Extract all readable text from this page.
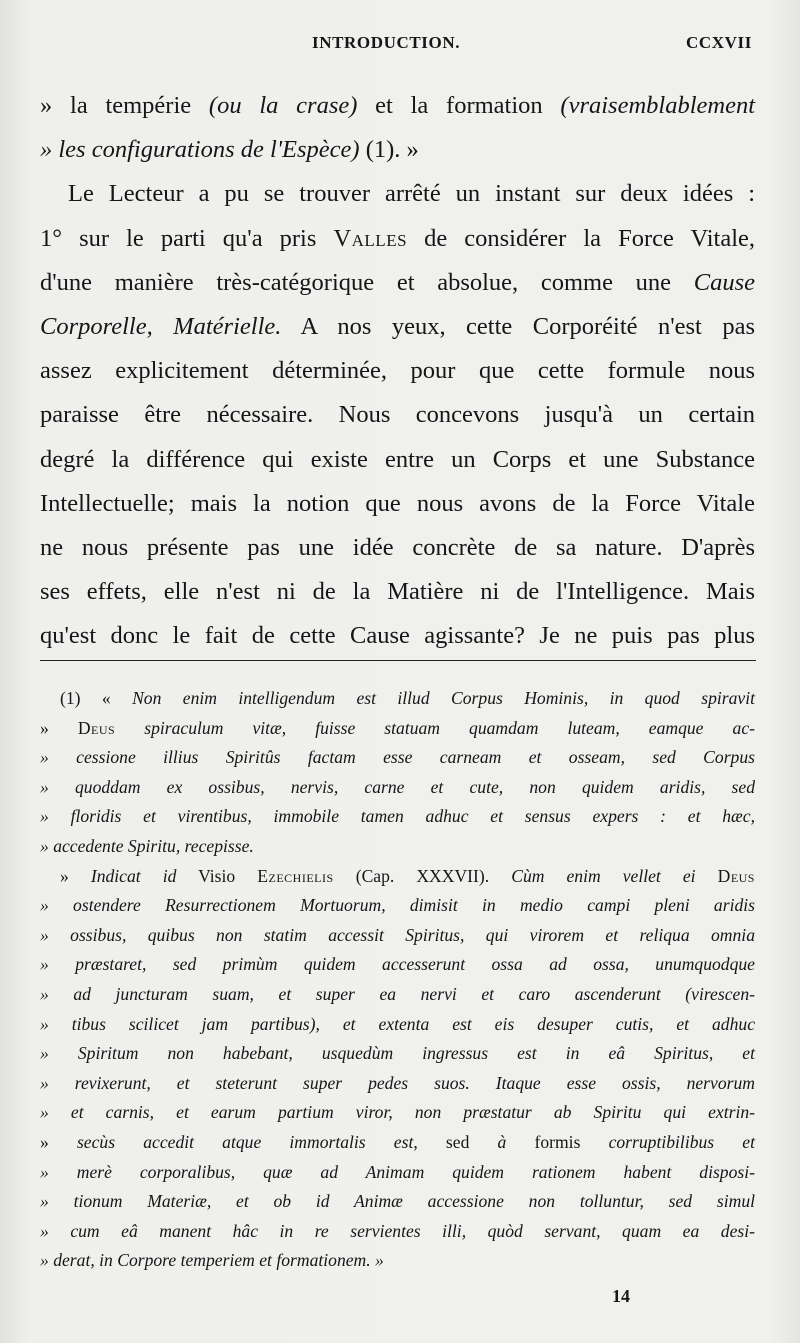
INTRODUCTION.	CCXVII
» la tempérie (ou la crase) et la formation (vraisemblablement
» les configurations de l'Espèce) (1). »
Le Lecteur a pu se trouver arrêté un instant sur deux idées :
1° sur le parti qu'a pris Valles de considérer la Force Vitale,
d'une manière très-catégorique et absolue, comme une Cause
Corporelle, Matérielle. A nos yeux, cette Corporéité n'est pas
assez explicitement déterminée, pour que cette formule nous
paraisse être nécessaire. Nous concevons jusqu'à un certain
degré la différence qui existe entre un Corps et une Substance
Intellectuelle; mais la notion que nous avons de la Force Vitale
ne nous présente pas une idée concrète de sa nature. D'après
ses effets, elle n'est ni de la Matière ni de l'Intelligence. Mais
qu'est donc le fait de cette Cause agissante? Je ne puis pas plus
(1) « Non enim intelligendum est illud Corpus Hominis, in quod spiravit
» Deus spiraculum vitæ, fuisse statuam quamdam luteam, eamque ac-
» cessione illius Spiritûs factam esse carneam et osseam, sed Corpus
» quoddam ex ossibus, nervis, carne et cute, non quidem aridis, sed
» floridis et virentibus, immobile tamen adhuc et sensus expers : et hæc,
» accedente Spiritu, recepisse.
» Indicat id Visio Ezechielis (Cap. XXXVII). Cùm enim vellet ei Deus
» ostendere Resurrectionem Mortuorum, dimisit in medio campi pleni aridis
» ossibus, quibus non statim accessit Spiritus, qui virorem et reliqua omnia
» præstaret, sed primùm quidem accesserunt ossa ad ossa, unumquodque
» ad juncturam suam, et super ea nervi et caro ascenderunt (virescen-
» tibus scilicet jam partibus), et extenta est eis desuper cutis, et adhuc
» Spiritum non habebant, usquedùm ingressus est in eâ Spiritus, et
» revixerunt, et steterunt super pedes suos. Itaque esse ossis, nervorum
» et carnis, et earum partium viror, non præstatur ab Spiritu qui extrin-
» secùs accedit atque immortalis est, sed à formis corruptibilibus et
» merè corporalibus, quæ ad Animam quidem rationem habent disposi-
» tionum Materiæ, et ob id Animæ accessione non tolluntur, sed simul
» cum eâ manent hâc in re servientes illi, quòd servant, quam ea desi-
» derat, in Corpore temperiem et formationem. »
14
